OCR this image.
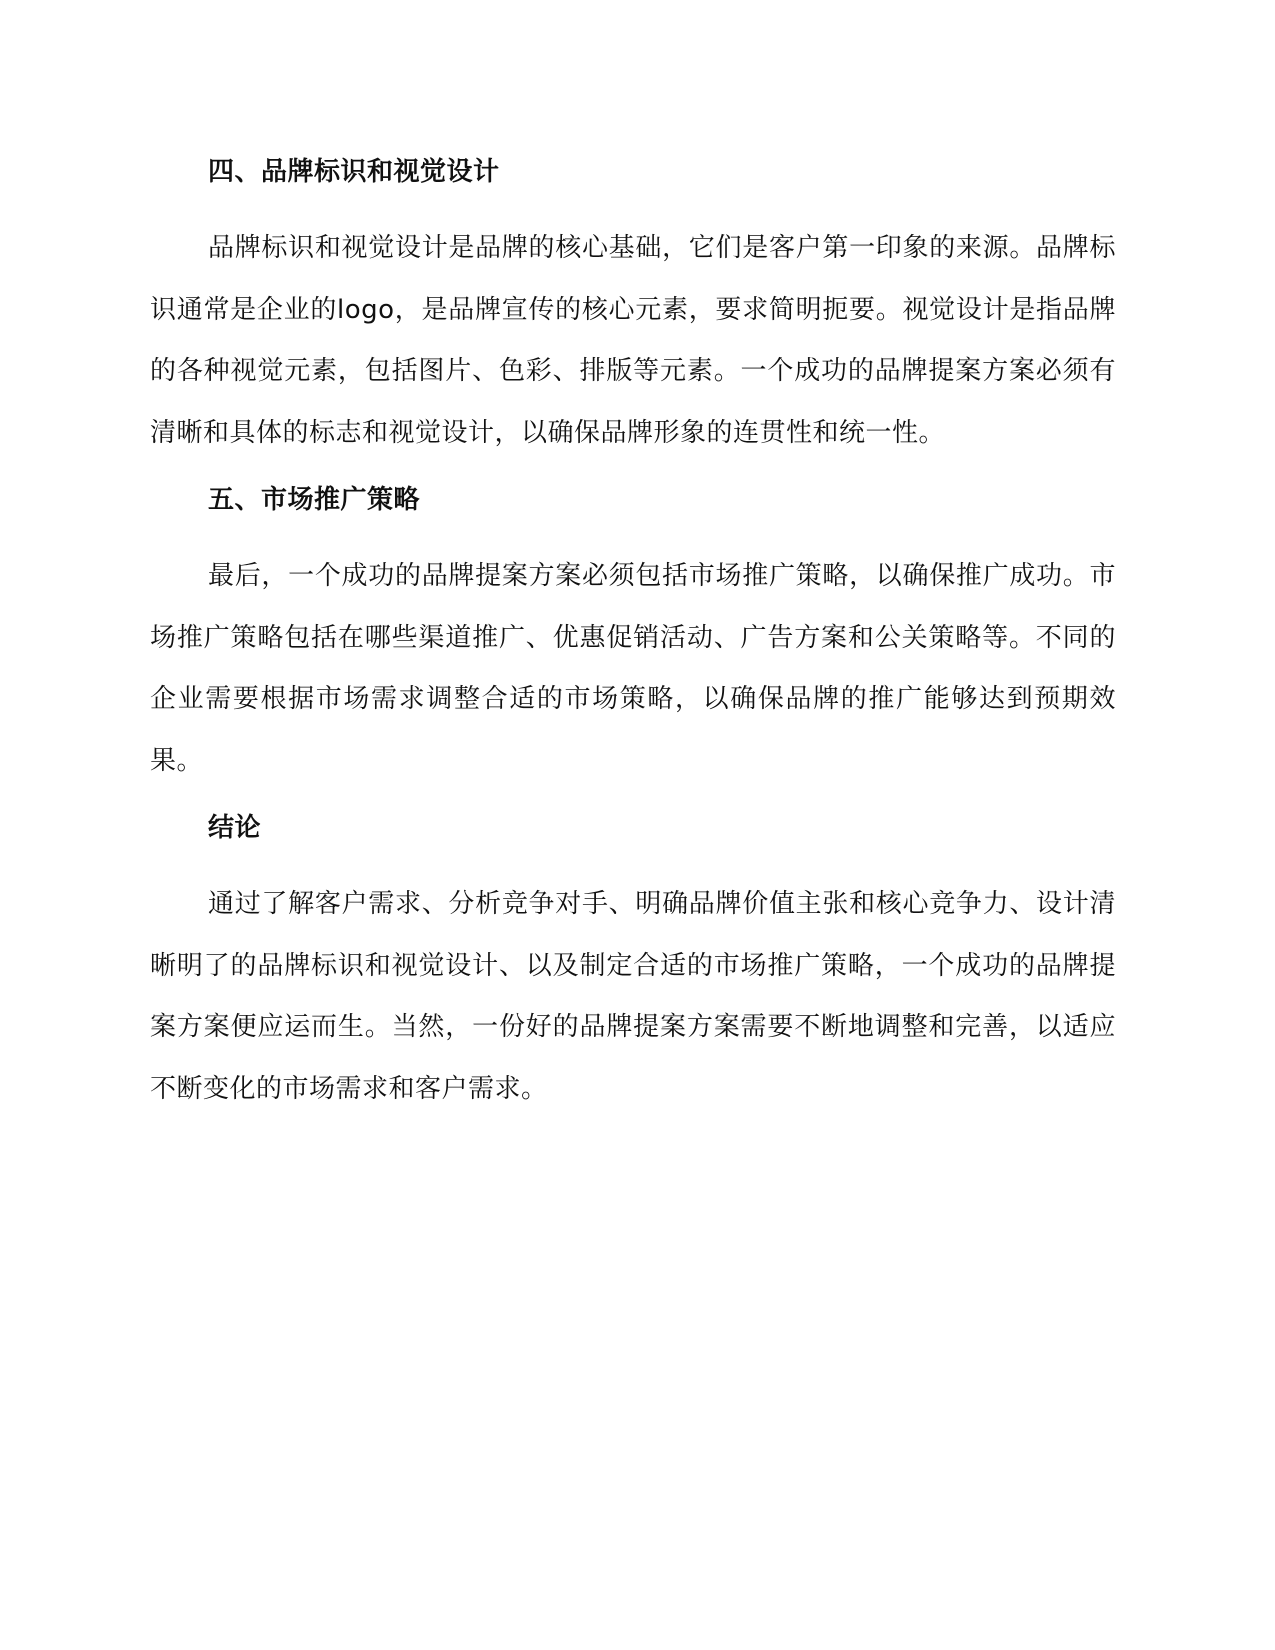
四、品牌标识和视觉设计

品牌标识和视觉设计是品牌的核心基础，它们是客户第一印象的来源。品牌标识通常是企业的logo，是品牌宣传的核心元素，要求简明扼要。视觉设计是指品牌的各种视觉元素，包括图片、色彩、排版等元素。一个成功的品牌提案方案必须有清晰和具体的标志和视觉设计，以确保品牌形象的连贯性和统一性。

五、市场推广策略

最后，一个成功的品牌提案方案必须包括市场推广策略，以确保推广成功。市场推广策略包括在哪些渠道推广、优惠促销活动、广告方案和公关策略等。不同的企业需要根据市场需求调整合适的市场策略，以确保品牌的推广能够达到预期效果。

结论

通过了解客户需求、分析竞争对手、明确品牌价值主张和核心竞争力、设计清晰明了的品牌标识和视觉设计、以及制定合适的市场推广策略，一个成功的品牌提案方案便应运而生。当然，一份好的品牌提案方案需要不断地调整和完善，以适应不断变化的市场需求和客户需求。
